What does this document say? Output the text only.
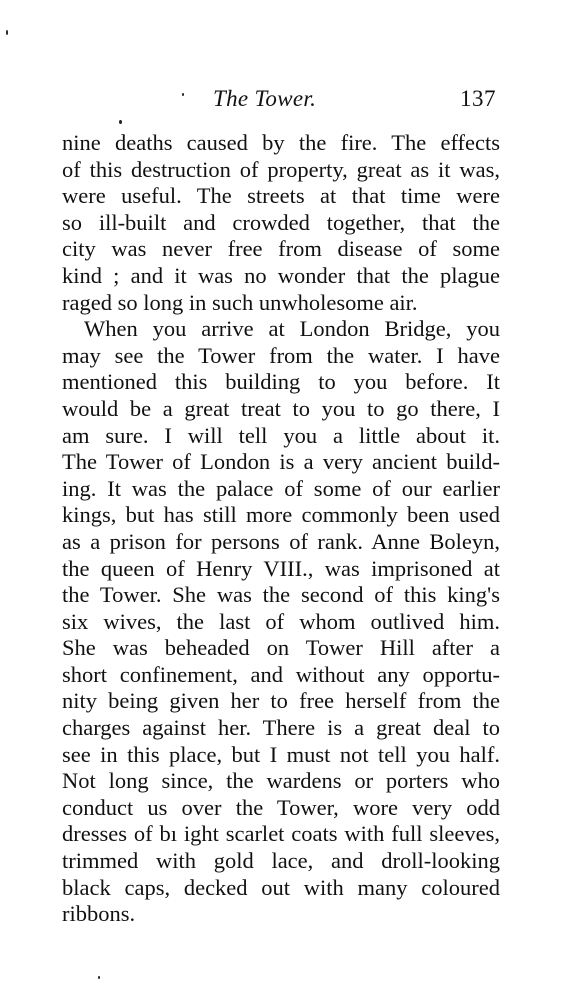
The Tower.	137
nine deaths caused by the fire. The effects
of this destruction of property, great as it was,
were useful. The streets at that time were
so ill-built and crowded together, that the
city was never free from disease of some
kind ; and it was no wonder that the plague
raged so long in such unwholesome air.
When you arrive at London Bridge, you
may see the Tower from the water. I have
mentioned this building to you before. It
would be a great treat to you to go there, I
am sure. I will tell you a little about it.
The Tower of London is a very ancient build-
ing. It was the palace of some of our earlier
kings, but has still more commonly been used
as a prison for persons of rank. Anne Boleyn,
the queen of Henry VIII., was imprisoned at
the Tower. She was the second of this king's
six wives, the last of whom outlived him.
She was beheaded on Tower Hill after a
short confinement, and without any opportu-
nity being given her to free herself from the
charges against her. There is a great deal to
see in this place, but I must not tell you half.
Not long since, the wardens or porters who
conduct us over the Tower, wore very odd
dresses of bı ight scarlet coats with full sleeves,
trimmed with gold lace, and droll-looking
black caps, decked out with many coloured
ribbons.
